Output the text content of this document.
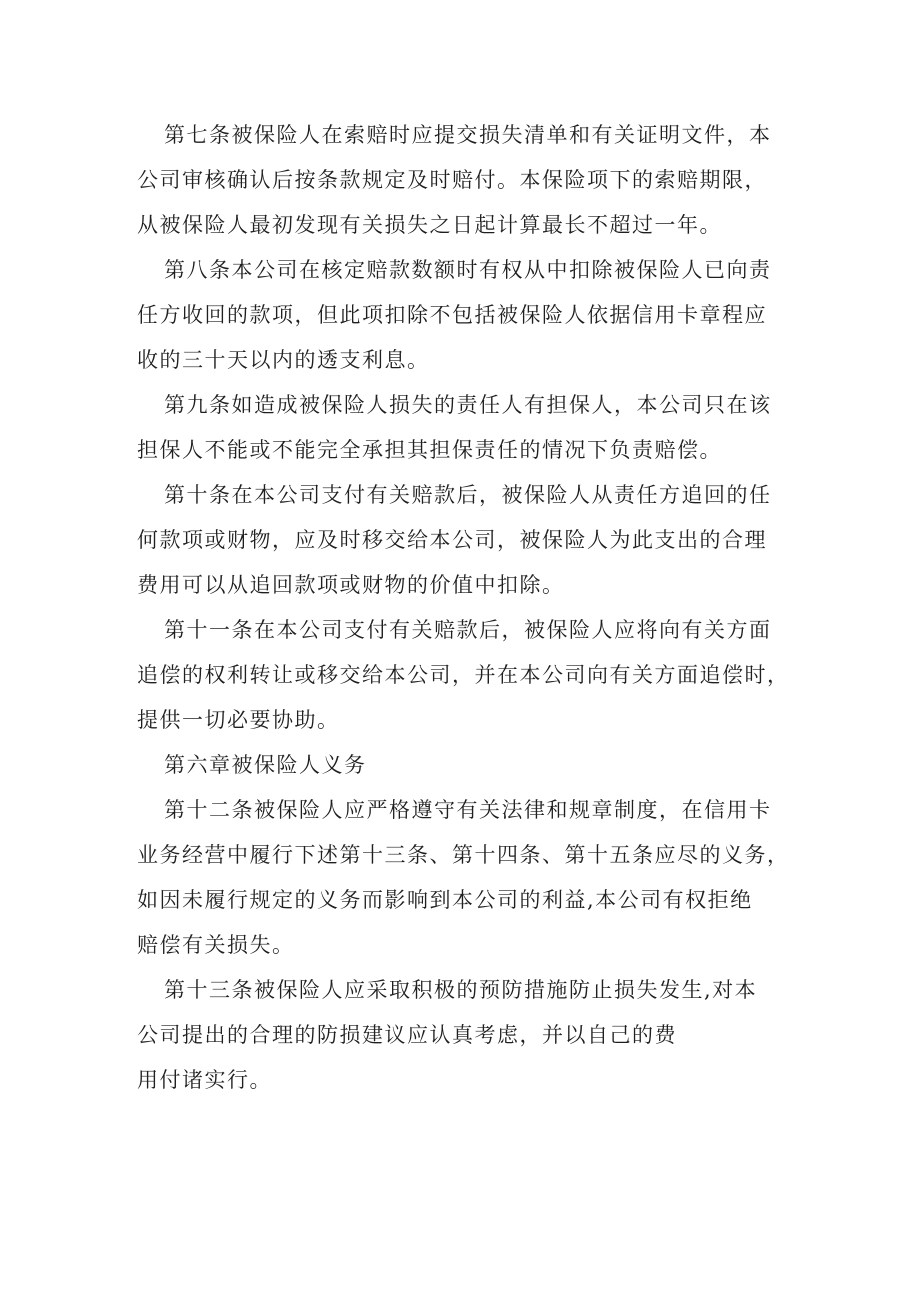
第七条被保险人在索赔时应提交损失清单和有关证明文件，本
公司审核确认后按条款规定及时赔付。本保险项下的索赔期限，
从被保险人最初发现有关损失之日起计算最长不超过一年。
第八条本公司在核定赔款数额时有权从中扣除被保险人已向责
任方收回的款项，但此项扣除不包括被保险人依据信用卡章程应
收的三十天以内的透支利息。
第九条如造成被保险人损失的责任人有担保人，本公司只在该
担保人不能或不能完全承担其担保责任的情况下负责赔偿。
第十条在本公司支付有关赔款后，被保险人从责任方追回的任
何款项或财物，应及时移交给本公司，被保险人为此支出的合理
费用可以从追回款项或财物的价值中扣除。
第十一条在本公司支付有关赔款后，被保险人应将向有关方面
追偿的权利转让或移交给本公司，并在本公司向有关方面追偿时，
提供一切必要协助。
第六章被保险人义务
第十二条被保险人应严格遵守有关法律和规章制度，在信用卡
业务经营中履行下述第十三条、第十四条、第十五条应尽的义务，
如因未履行规定的义务而影响到本公司的利益,本公司有权拒绝
赔偿有关损失。
第十三条被保险人应采取积极的预防措施防止损失发生,对本
公司提出的合理的防损建议应认真考虑，并以自己的费
用付诸实行。
